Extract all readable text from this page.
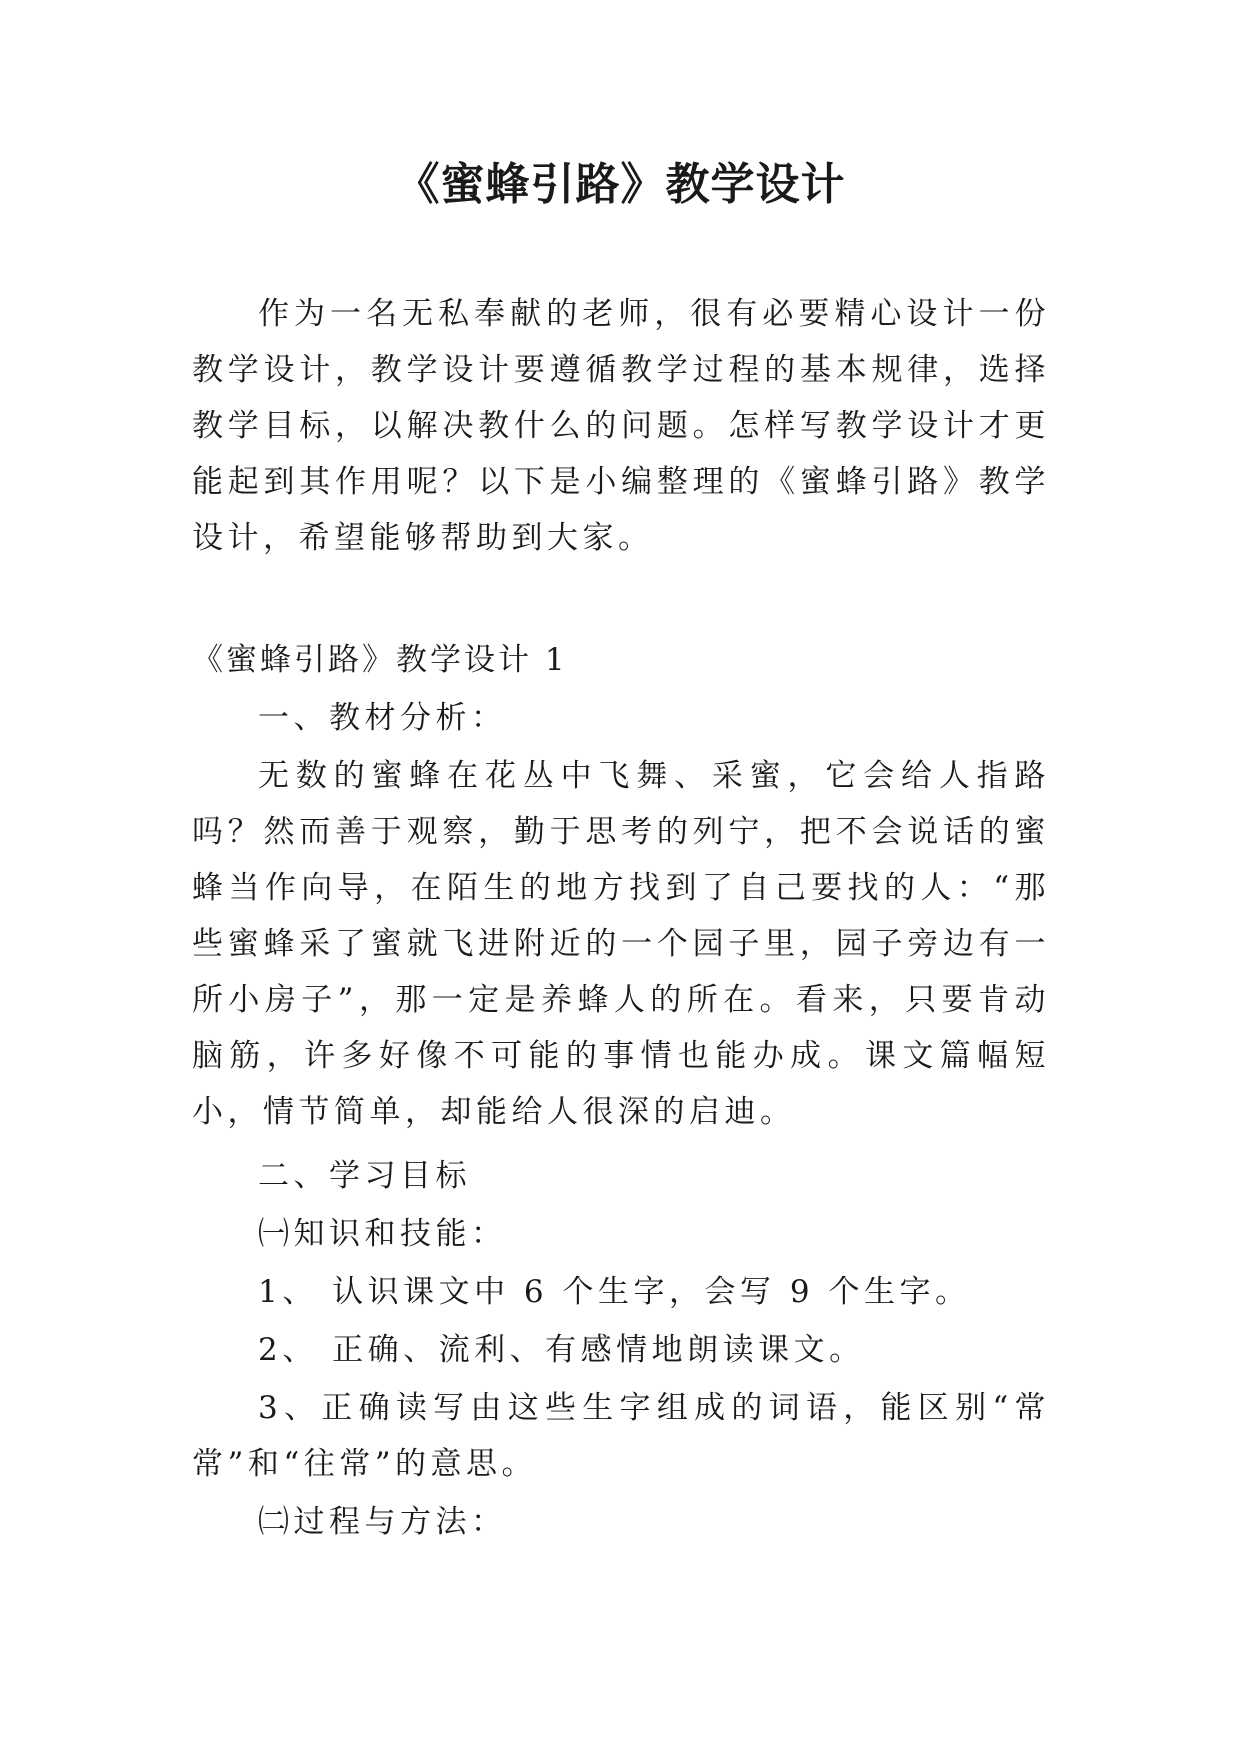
《蜜蜂引路》教学设计

作为一名无私奉献的老师，很有必要精心设计一份教学设计，教学设计要遵循教学过程的基本规律，选择教学目标，以解决教什么的问题。怎样写教学设计才更能起到其作用呢？以下是小编整理的《蜜蜂引路》教学设计，希望能够帮助到大家。

《蜜蜂引路》教学设计 1

一、教材分析：

无数的蜜蜂在花丛中飞舞、采蜜，它会给人指路吗？然而善于观察，勤于思考的列宁，把不会说话的蜜蜂当作向导，在陌生的地方找到了自己要找的人：“那些蜜蜂采了蜜就飞进附近的一个园子里，园子旁边有一所小房子”，那一定是养蜂人的所在。看来，只要肯动脑筋，许多好像不可能的事情也能办成。课文篇幅短小，情节简单，却能给人很深的启迪。

二、学习目标

㈠知识和技能：

1、 认识课文中 6 个生字，会写 9 个生字。

2、 正确、流利、有感情地朗读课文。

3、正确读写由这些生字组成的词语，能区别“常常”和“往常”的意思。

㈡过程与方法：
